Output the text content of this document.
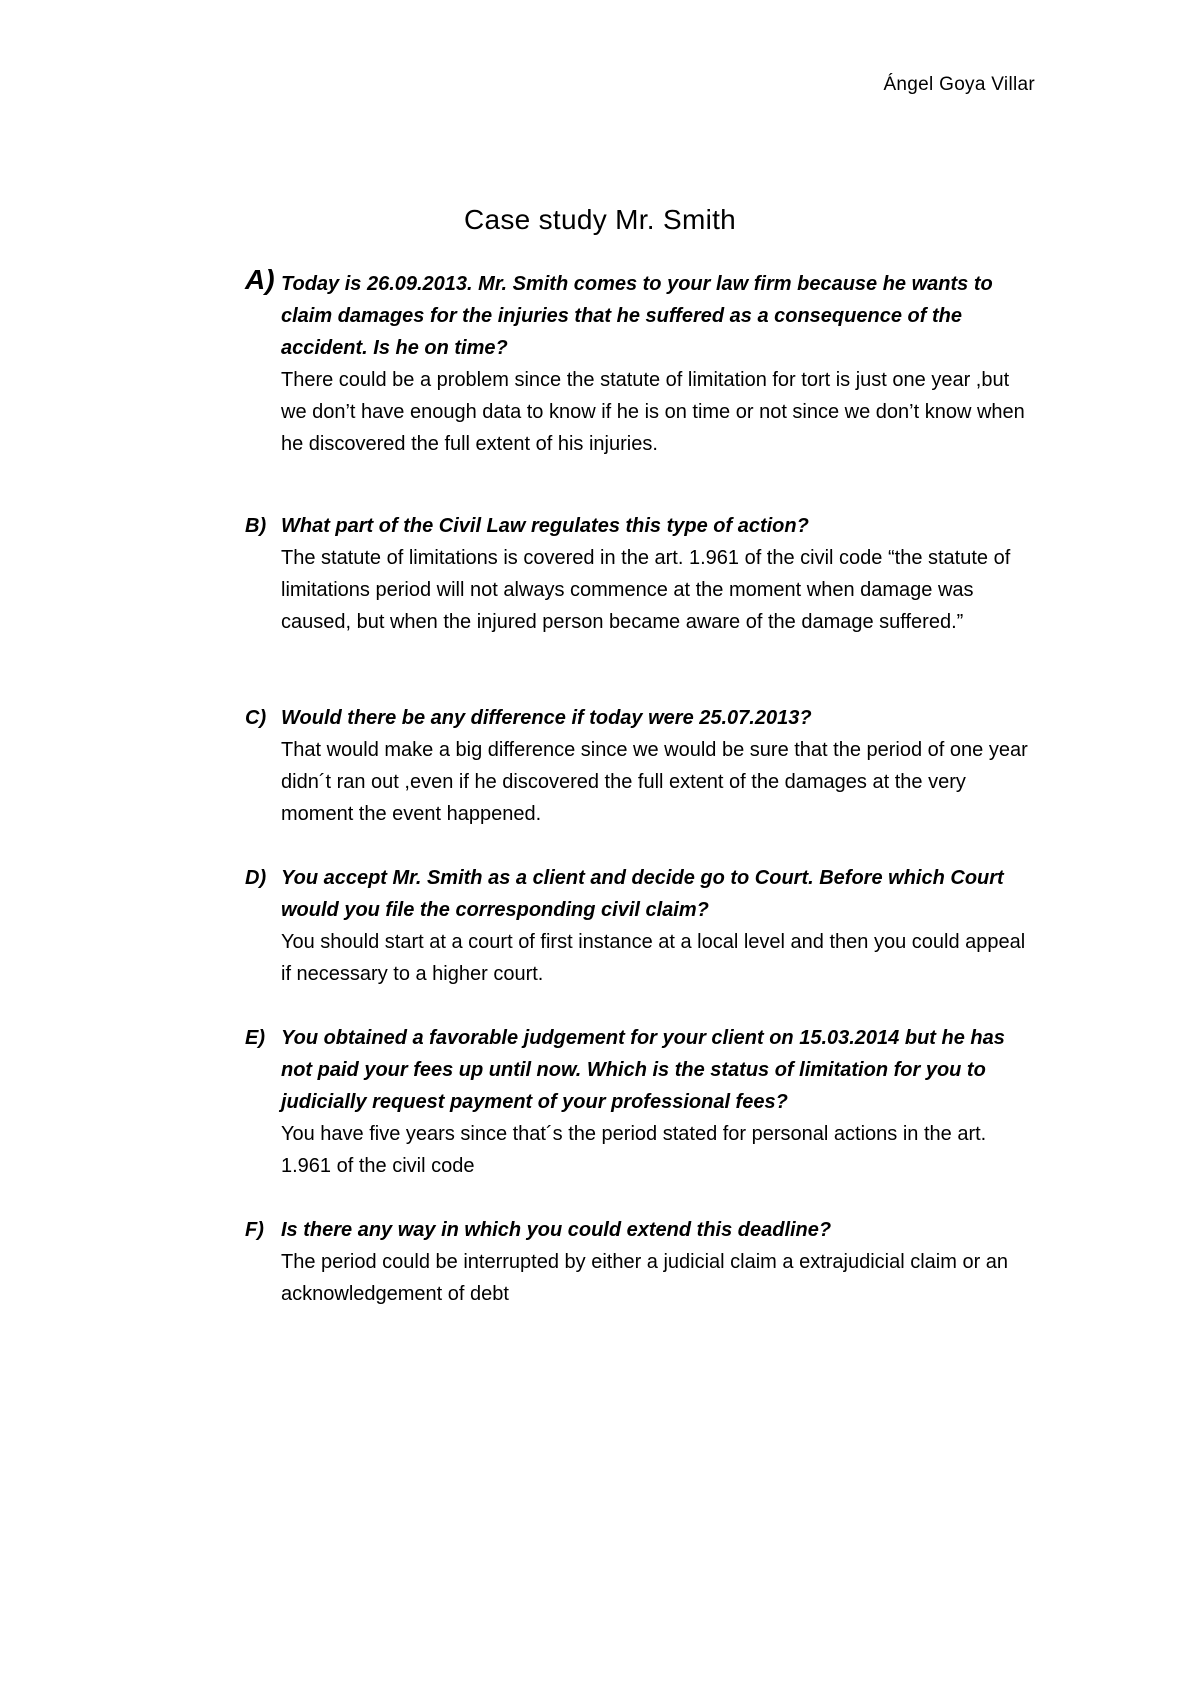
Ángel Goya Villar
Case study Mr. Smith
A) Today is 26.09.2013. Mr. Smith comes to your law firm because he wants to claim damages for the injuries that he suffered as a consequence of the accident. Is he on time?
There could be a problem since the statute of limitation for tort is just one year ,but we don’t have enough data to know if he is on time or not since we don’t know when he discovered the full extent of his injuries.
B) What part of the Civil Law regulates this type of action?
The statute of limitations is covered in the art. 1.961 of the civil code “the statute of limitations period will not always commence at the moment when damage was caused, but when the injured person became aware of the damage suffered.”
C) Would there be any difference if today were 25.07.2013?
That would make a big difference since we would be sure that the period of one year didn´t ran out ,even if he discovered the full extent of the damages at the very moment the event happened.
D) You accept Mr. Smith as a client and decide go to Court. Before which Court would you file the corresponding civil claim?
You should start at a court of first instance at a local level and then you could appeal if necessary to a higher court.
E) You obtained a favorable judgement for your client on 15.03.2014 but he has not paid your fees up until now. Which is the status of limitation for you to judicially request payment of your professional fees?
You have five years since that´s the period stated for personal actions in the art. 1.961 of the civil code
F) Is there any way in which you could extend this deadline?
The period could be interrupted by either a judicial claim a extrajudicial claim or an acknowledgement of debt
